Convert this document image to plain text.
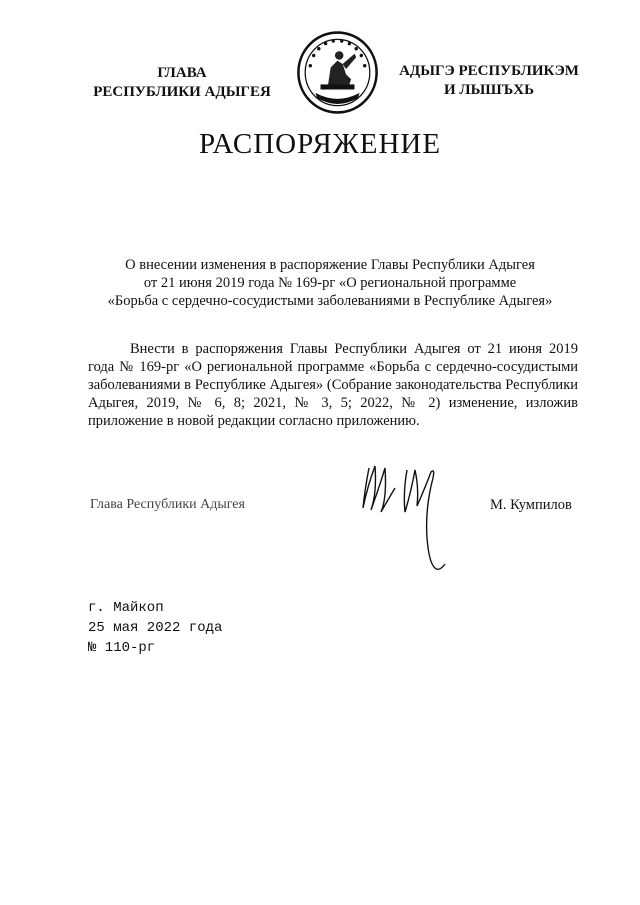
ГЛАВА
РЕСПУБЛИКИ АДЫГЕЯ
АДЫГЭ РЕСПУБЛИКЭМ
И ЛЫШЪХЬ
РАСПОРЯЖЕНИЕ
О внесении изменения в распоряжение Главы Республики Адыгея
от 21 июня 2019 года № 169-рг «О региональной программе
«Борьба с сердечно-сосудистыми заболеваниями в Республике Адыгея»
Внести в распоряжения Главы Республики Адыгея от 21 июня 2019 года № 169-рг «О региональной программе «Борьба с сердечно-сосудистыми заболеваниями в Республике Адыгея» (Собрание законодательства Республики Адыгея, 2019, № 6, 8; 2021, № 3, 5; 2022, № 2) изменение, изложив приложение в новой редакции согласно приложению.
Глава Республики Адыгея	М. Кумпилов
г. Майкоп
25 мая 2022 года
№ 110-рг
